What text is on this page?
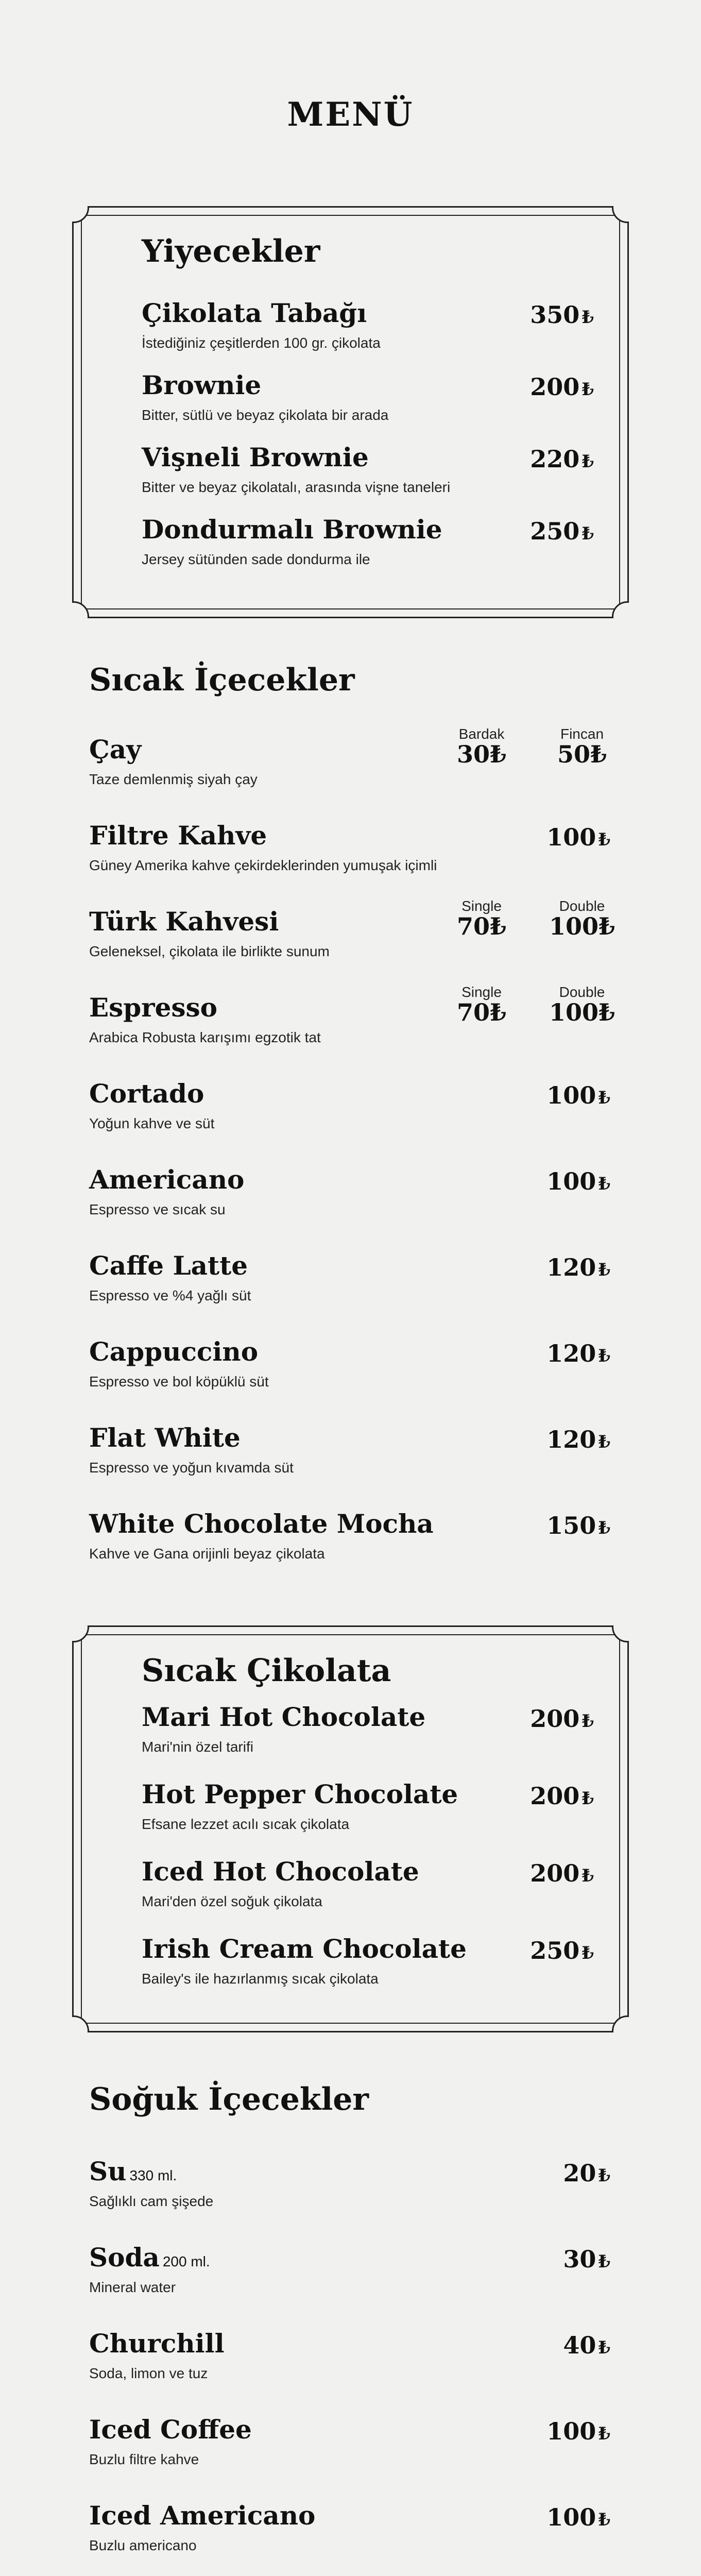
MENÜ
Yiyecekler
Çikolata Tabağı
İstediğiniz çeşitlerden 100 gr. çikolata
350 ₺
Brownie
Bitter, sütlü ve beyaz çikolata bir arada
200 ₺
Vişneli Brownie
Bitter ve beyaz çikolatalı, arasında vişne taneleri
220 ₺
Dondurmalı Brownie
Jersey sütünden sade dondurma ile
250 ₺
Sıcak İçecekler
Çay
Taze demlenmiş siyah çay
Bardak	Fincan
30₺	50₺
Filtre Kahve
Güney Amerika kahve çekirdeklerinden yumuşak içimli
100 ₺
Türk Kahvesi
Geleneksel, çikolata ile birlikte sunum
Single	Double
70₺	100₺
Espresso
Arabica Robusta karışımı egzotik tat
Single	Double
70₺	100₺
Cortado
Yoğun kahve ve süt
100 ₺
Americano
Espresso ve sıcak su
100 ₺
Caffe Latte
Espresso ve %4 yağlı süt
120 ₺
Cappuccino
Espresso ve bol köpüklü süt
120 ₺
Flat White
Espresso ve yoğun kıvamda süt
120 ₺
White Chocolate Mocha
Kahve ve Gana orijinli beyaz çikolata
150 ₺
Sıcak Çikolata
Mari Hot Chocolate
Mari'nin özel tarifi
200 ₺
Hot Pepper Chocolate
Efsane lezzet acılı sıcak çikolata
200 ₺
Iced Hot Chocolate
Mari'den özel soğuk çikolata
200 ₺
Irish Cream Chocolate
Bailey's ile hazırlanmış sıcak çikolata
250 ₺
Soğuk İçecekler
Su 330 ml.
Sağlıklı cam şişede
20 ₺
Soda 200 ml.
Mineral water
30 ₺
Churchill
Soda, limon ve tuz
40 ₺
Iced Coffee
Buzlu filtre kahve
100 ₺
Iced Americano
Buzlu americano
100 ₺
